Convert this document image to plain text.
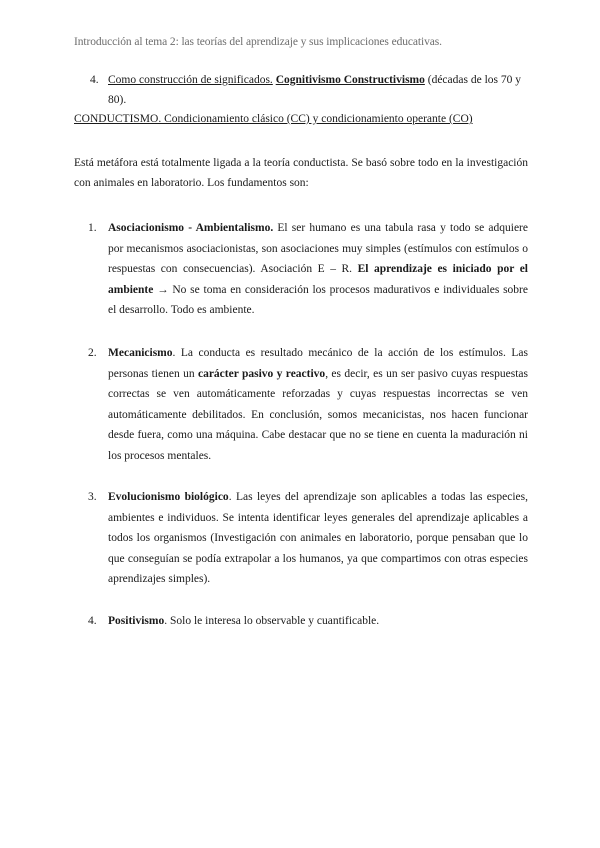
Introducción al tema 2: las teorías del aprendizaje y sus implicaciones educativas.
4. Como construcción de significados. Cognitivismo Constructivismo (décadas de los 70 y 80).
CONDUCTISMO. Condicionamiento clásico (CC) y condicionamiento operante (CO)
Está metáfora está totalmente ligada a la teoría conductista. Se basó sobre todo en la investigación con animales en laboratorio. Los fundamentos son:
1. Asociacionismo - Ambientalismo. El ser humano es una tabula rasa y todo se adquiere por mecanismos asociacionistas, son asociaciones muy simples (estímulos con estímulos o respuestas con consecuencias). Asociación E – R. El aprendizaje es iniciado por el ambiente → No se toma en consideración los procesos madurativos e individuales sobre el desarrollo. Todo es ambiente.
2. Mecanicismo. La conducta es resultado mecánico de la acción de los estímulos. Las personas tienen un carácter pasivo y reactivo, es decir, es un ser pasivo cuyas respuestas correctas se ven automáticamente reforzadas y cuyas respuestas incorrectas se ven automáticamente debilitados. En conclusión, somos mecanicistas, nos hacen funcionar desde fuera, como una máquina. Cabe destacar que no se tiene en cuenta la maduración ni los procesos mentales.
3. Evolucionismo biológico. Las leyes del aprendizaje son aplicables a todas las especies, ambientes e individuos. Se intenta identificar leyes generales del aprendizaje aplicables a todos los organismos (Investigación con animales en laboratorio, porque pensaban que lo que conseguían se podía extrapolar a los humanos, ya que compartimos con otras especies aprendizajes simples).
4. Positivismo. Solo le interesa lo observable y cuantificable.
